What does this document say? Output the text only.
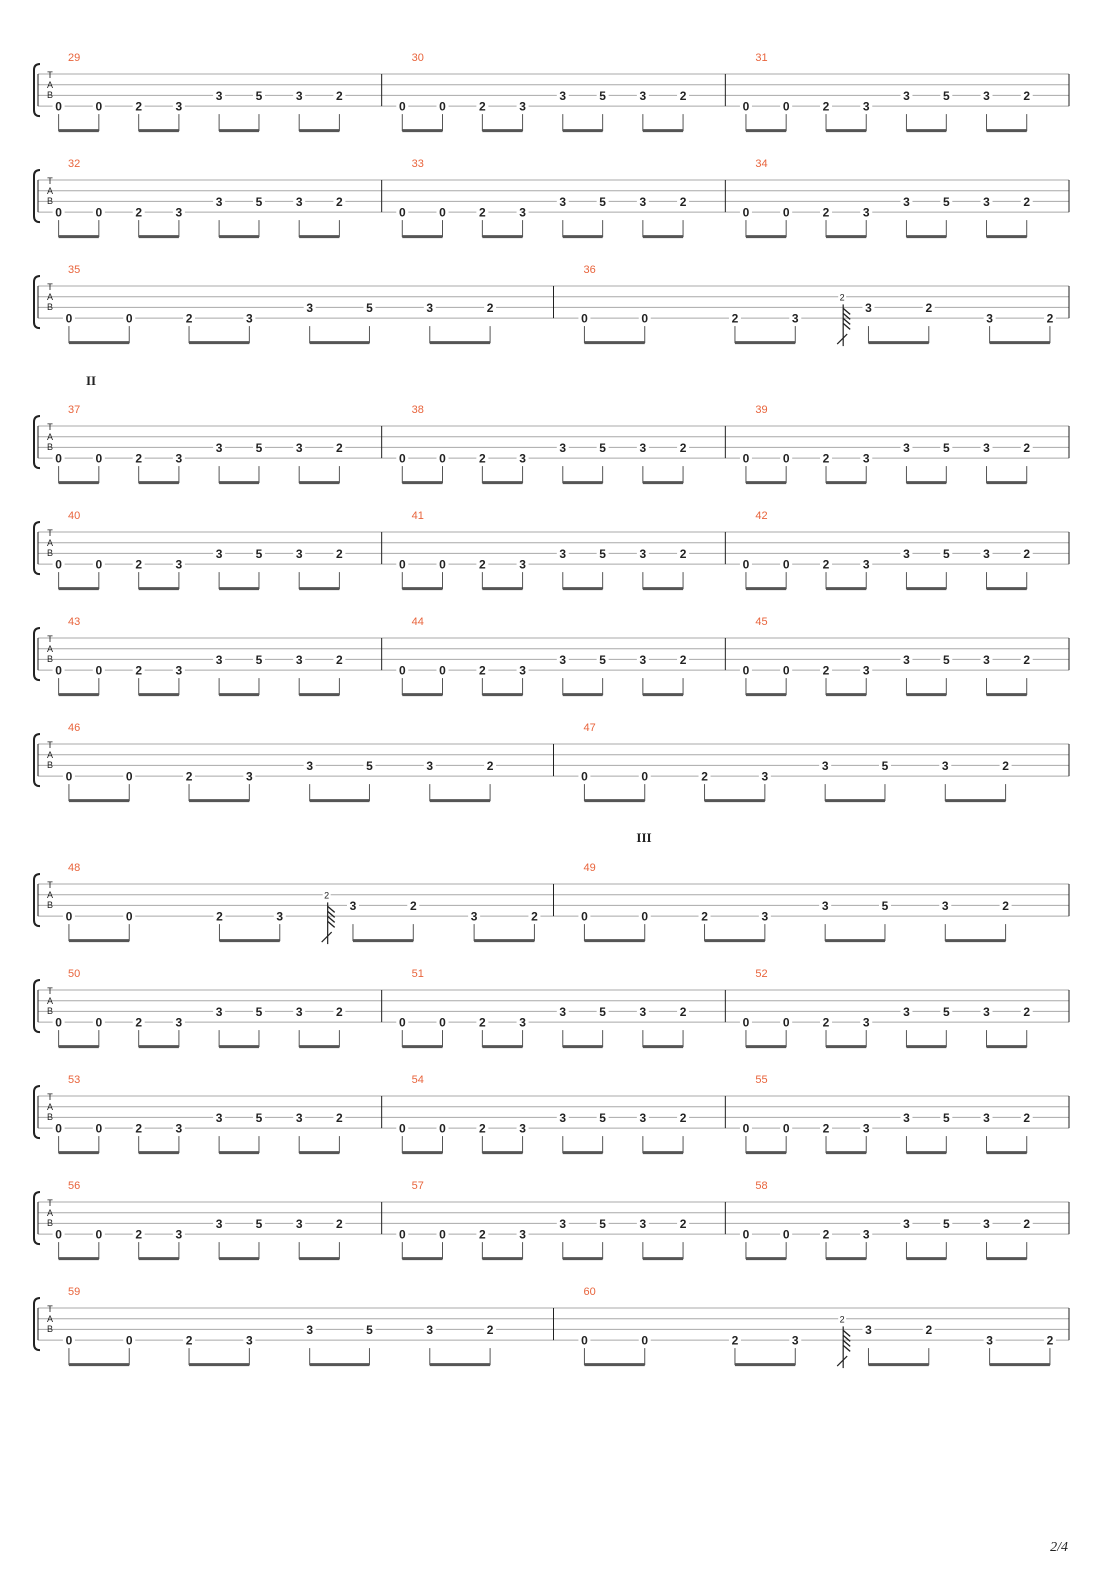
T
A
B
29
0	0	2	3
3	5	3	2
30
0	0	2	3
3	5	3	2
31
0	0	2	3
3	5	3	2
T
A
B
32
0	0	2	3
3	5	3	2
33
0	0	2	3
3	5	3	2
34
0	0	2	3
3	5	3	2
T
A
B
35
0	0	2	3
3	5	3	2
36
0	0	2	3
3	2
3	2
2
T
A
B
37
0	0	2	3
3	5	3	2
38
0	0	2	3
3	5	3	2
39
0	0	2	3
3	5	3	2
T
A
B
40
0	0	2	3
3	5	3	2
41
0	0	2	3
3	5	3	2
42
0	0	2	3
3	5	3	2
T
A
B
43
0	0	2	3
3	5	3	2
44
0	0	2	3
3	5	3	2
45
0	0	2	3
3	5	3	2
T
A
B
46
0	0	2	3
3	5	3	2
47
0	0	2	3
3	5	3	2
T
A
B
48
0	0	2	3
3	2
3	2
2
49
0	0	2	3
3	5	3	2
T
A
B
50
0	0	2	3
3	5	3	2
51
0	0	2	3
3	5	3	2
52
0	0	2	3
3	5	3	2
T
A
B
53
0	0	2	3
3	5	3	2
54
0	0	2	3
3	5	3	2
55
0	0	2	3
3	5	3	2
T
A
B
56
0	0	2	3
3	5	3	2
57
0	0	2	3
3	5	3	2
58
0	0	2	3
3	5	3	2
T
A
B
59
0	0	2	3
3	5	3	2
60
0	0	2	3
3	2
3	2
2
II
III
2/4
